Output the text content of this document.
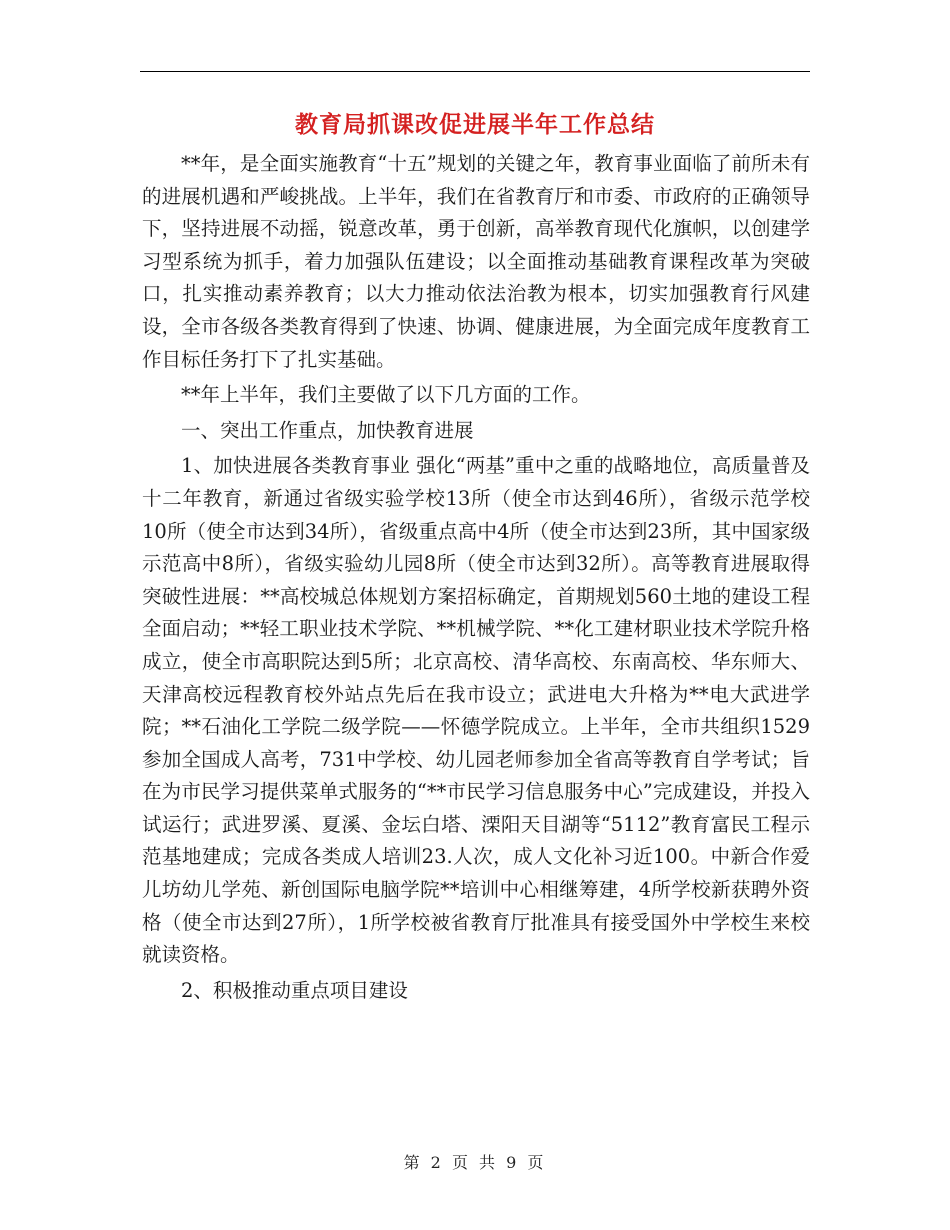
教育局抓课改促进展半年工作总结

**年，是全面实施教育“十五”规划的关键之年，教育事业面临了前所未有的进展机遇和严峻挑战。上半年，我们在省教育厅和市委、市政府的正确领导下，坚持进展不动摇，锐意改革，勇于创新，高举教育现代化旗帜，以创建学习型系统为抓手，着力加强队伍建设；以全面推动基础教育课程改革为突破口，扎实推动素养教育；以大力推动依法治教为根本，切实加强教育行风建设，全市各级各类教育得到了快速、协调、健康进展，为全面完成年度教育工作目标任务打下了扎实基础。

**年上半年，我们主要做了以下几方面的工作。

一、突出工作重点，加快教育进展

1、加快进展各类教育事业 强化“两基”重中之重的战略地位，高质量普及十二年教育，新通过省级实验学校13所（使全市达到46所），省级示范学校10所（使全市达到34所），省级重点高中4所（使全市达到23所，其中国家级示范高中8所），省级实验幼儿园8所（使全市达到32所）。高等教育进展取得突破性进展：**高校城总体规划方案招标确定，首期规划560土地的建设工程全面启动；**轻工职业技术学院、**机械学院、**化工建材职业技术学院升格成立，使全市高职院达到5所；北京高校、清华高校、东南高校、华东师大、天津高校远程教育校外站点先后在我市设立；武进电大升格为**电大武进学院；**石油化工学院二级学院——怀德学院成立。上半年，全市共组织1529参加全国成人高考，731中学校、幼儿园老师参加全省高等教育自学考试；旨在为市民学习提供菜单式服务的“**市民学习信息服务中心”完成建设，并投入试运行；武进罗溪、夏溪、金坛白塔、溧阳天目湖等“5112”教育富民工程示范基地建成；完成各类成人培训23.人次，成人文化补习近100。中新合作爱儿坊幼儿学苑、新创国际电脑学院**培训中心相继筹建，4所学校新获聘外资格（使全市达到27所），1所学校被省教育厅批准具有接受国外中学校生来校就读资格。

2、积极推动重点项目建设

第 2 页 共 9 页
